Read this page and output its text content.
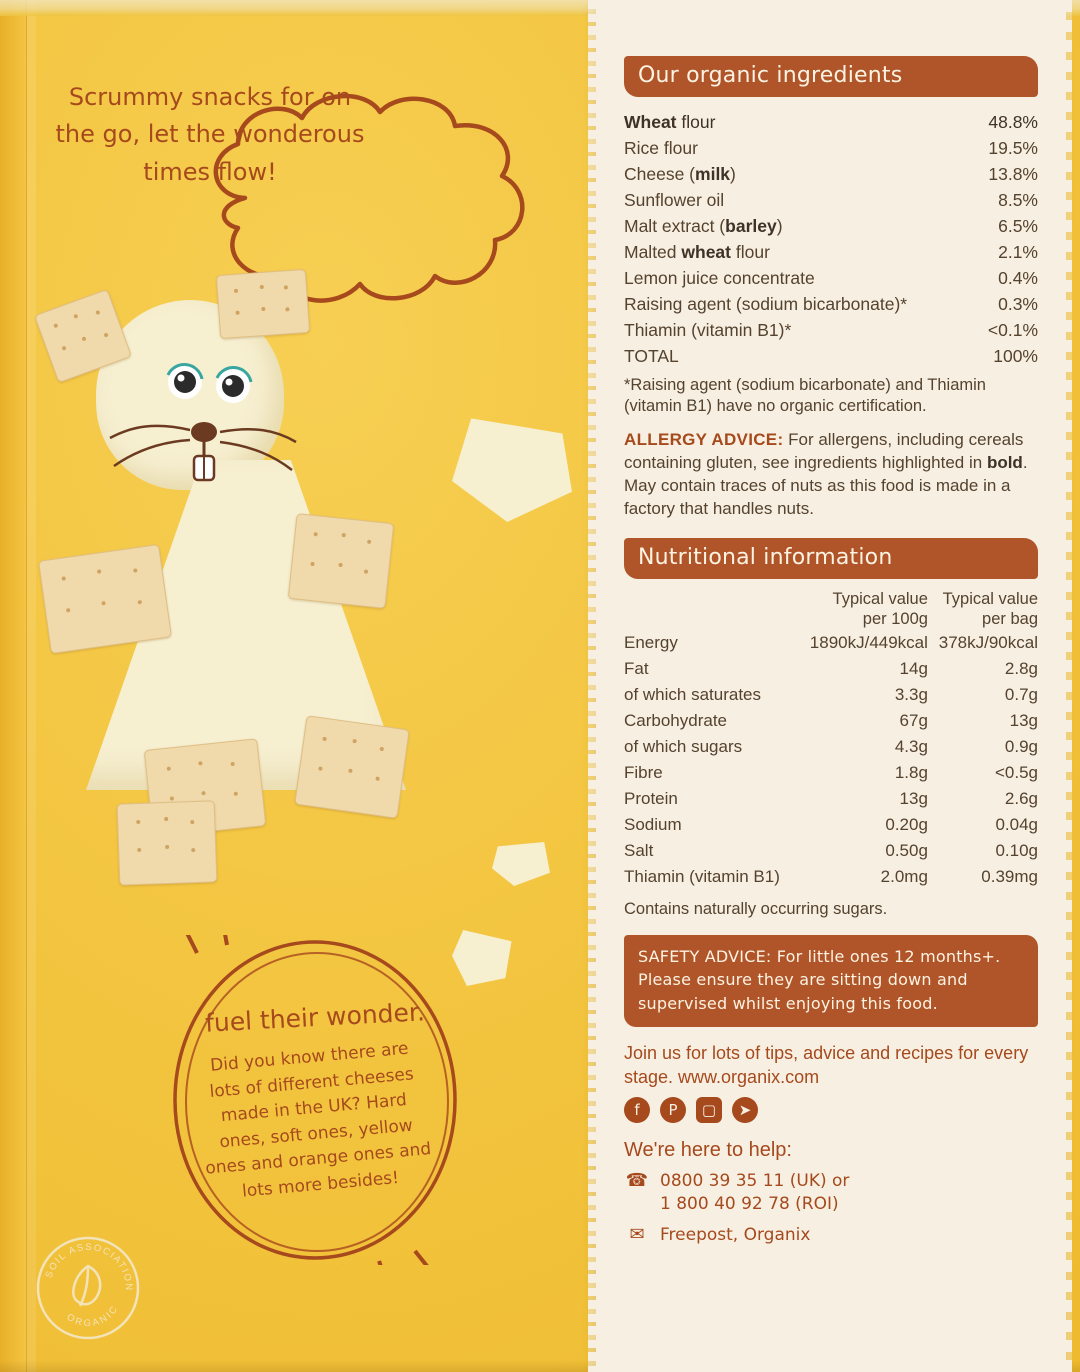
Scrummy snacks for on the go, let the wonderous times flow!
fuel their wonder.
Did you know there are lots of different cheeses made in the UK? Hard ones, soft ones, yellow ones and orange ones and lots more besides!
SOIL ASSOCIATION
ORGANIC
Our organic ingredients
Wheat flour	48.8%
Rice flour	19.5%
Cheese (milk)	13.8%
Sunflower oil	8.5%
Malt extract (barley)	6.5%
Malted wheat flour	2.1%
Lemon juice concentrate	0.4%
Raising agent (sodium bicarbonate)*	0.3%
Thiamin (vitamin B1)*	<0.1%
TOTAL	100%
*Raising agent (sodium bicarbonate) and Thiamin (vitamin B1) have no organic certification.
ALLERGY ADVICE: For allergens, including cereals containing gluten, see ingredients highlighted in bold. May contain traces of nuts as this food is made in a factory that handles nuts.
Nutritional information

Typical value
per 100g

Typical value
per bag

Energy	1890kJ/449kcal	378kJ/90kcal
Fat	14g	2.8g
of which saturates	3.3g	0.7g
Carbohydrate	67g	13g
of which sugars	4.3g	0.9g
Fibre	1.8g	<0.5g
Protein	13g	2.6g
Sodium	0.20g	0.04g
Salt	0.50g	0.10g
Thiamin (vitamin B1)	2.0mg	0.39mg
Contains naturally occurring sugars.
SAFETY ADVICE: For little ones 12 months+. Please ensure they are sitting down and supervised whilst enjoying this food.
Join us for lots of tips, advice and recipes for every stage. www.organix.com
f P ▢ ➤
We're here to help:
☎ 0800 39 35 11 (UK) or
1 800 40 92 78 (ROI)
✉ Freepost, Organix
